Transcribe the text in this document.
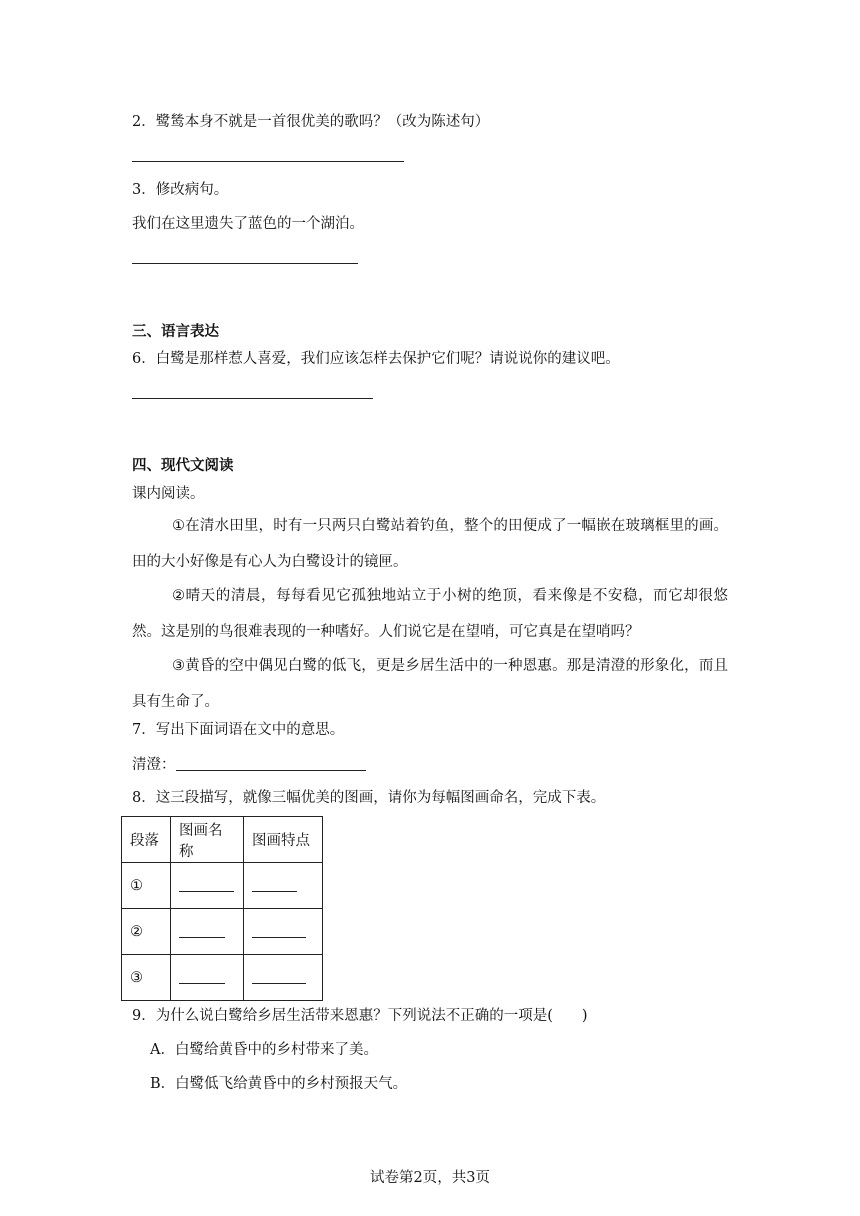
2．鹭鸶本身不就是一首很优美的歌吗？（改为陈述句）
3．修改病句。
我们在这里遗失了蓝色的一个湖泊。
三、语言表达
6．白鹭是那样惹人喜爱，我们应该怎样去保护它们呢？请说说你的建议吧。
四、现代文阅读
课内阅读。
①在清水田里，时有一只两只白鹭站着钓鱼，整个的田便成了一幅嵌在玻璃框里的画。田的大小好像是有心人为白鹭设计的镜匣。
②晴天的清晨，每每看见它孤独地站立于小树的绝顶，看来像是不安稳，而它却很悠然。这是别的鸟很难表现的一种嗜好。人们说它是在望哨，可它真是在望哨吗？
③黄昏的空中偶见白鹭的低飞，更是乡居生活中的一种恩惠。那是清澄的形象化，而且具有生命了。
7．写出下面词语在文中的意思。
清澄：
8．这三段描写，就像三幅优美的图画，请你为每幅图画命名，完成下表。
段落	图画名称	图画特点
①		
②		
③		
9．为什么说白鹭给乡居生活带来恩惠？下列说法不正确的一项是(　　)
A．白鹭给黄昏中的乡村带来了美。
B．白鹭低飞给黄昏中的乡村预报天气。
试卷第2页，共3页
